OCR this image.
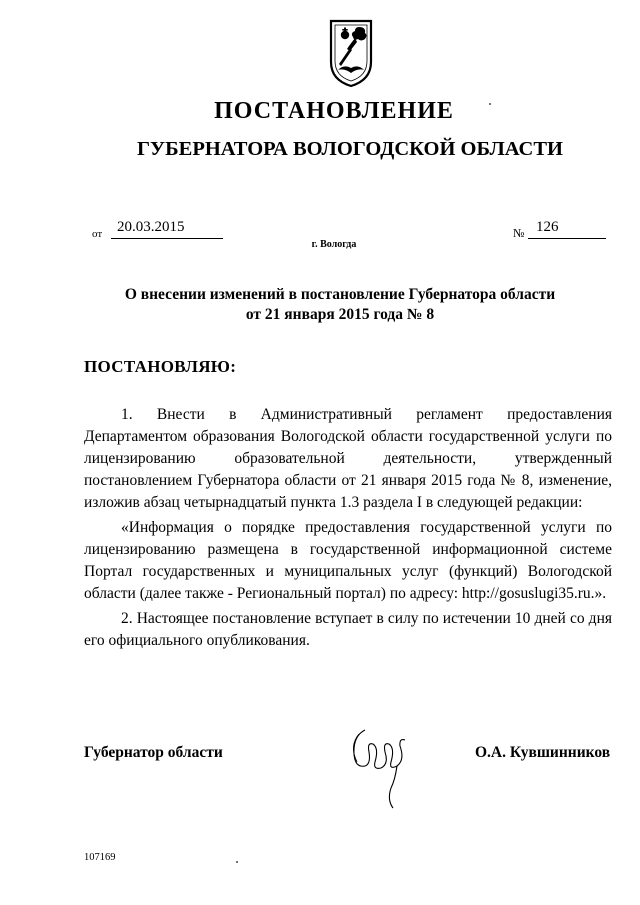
ПОСТАНОВЛЕНИЕ
ГУБЕРНАТОРА ВОЛОГОДСКОЙ ОБЛАСТИ
от 20.03.2015	№ 126
г. Вологда
О внесении изменений в постановление Губернатора области
от 21 января 2015 года № 8
ПОСТАНОВЛЯЮ:

1. Внести в Административный регламент предоставления Департаментом образования Вологодской области государственной услуги по лицензированию образовательной деятельности, утвержденный постановлением Губернатора области от 21 января 2015 года № 8, изменение, изложив абзац четырнадцатый пункта 1.3 раздела I в следующей редакции:

«Информация о порядке предоставления государственной услуги по лицензированию размещена в государственной информационной системе Портал государственных и муниципальных услуг (функций) Вологодской области (далее также - Региональный портал) по адресу: http://gosuslugi35.ru.».

2. Настоящее постановление вступает в силу по истечении 10 дней со дня его официального опубликования.

Губернатор области	О.А. Кувшинников
107169
